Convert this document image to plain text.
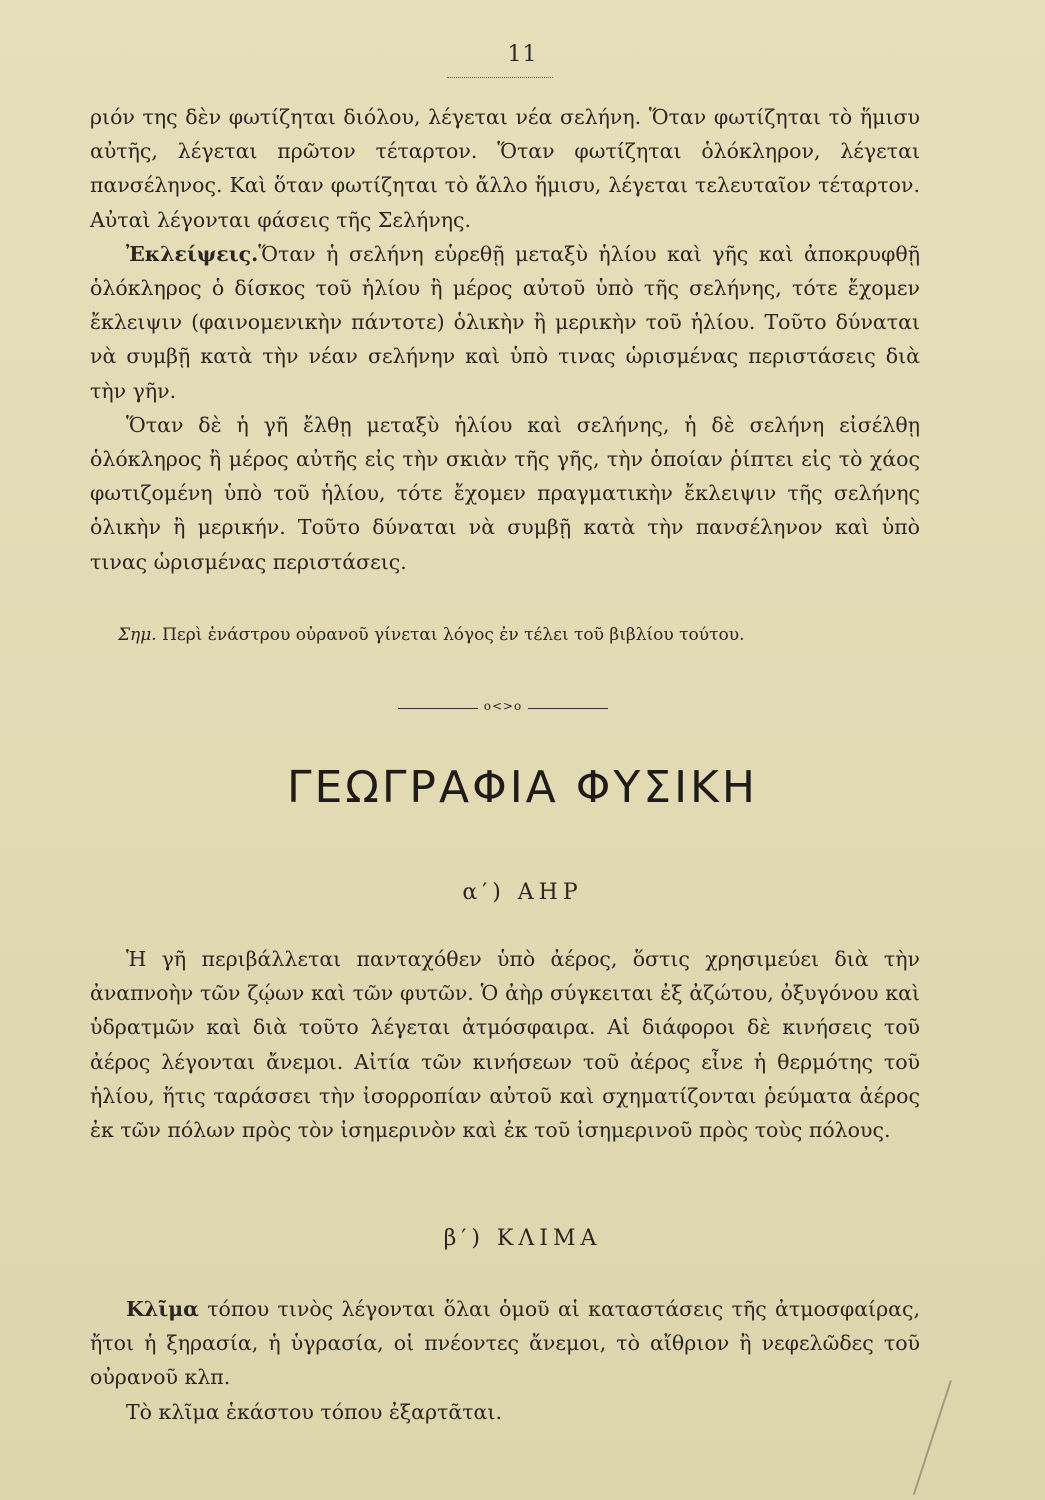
11

ριόν της δὲν φωτίζηται διόλου, λέγεται νέα σελήνη. Ὅταν φωτίζηται τὸ ἥμισυ αὐτῆς, λέγεται πρῶτον τέταρτον. Ὅταν φωτίζηται ὁλόκληρον, λέγεται πανσέληνος. Καὶ ὅταν φωτίζηται τὸ ἄλλο ἥμισυ, λέγεται τελευταῖον τέταρτον. Αὐταὶ λέγονται φάσεις τῆς Σελήνης.

Ἐκλείψεις.Ὅταν ἡ σελήνη εὑρεθῇ μεταξὺ ἡλίου καὶ γῆς καὶ ἀποκρυφθῇ ὁλόκληρος ὁ δίσκος τοῦ ἡλίου ἢ μέρος αὐτοῦ ὑπὸ τῆς σελήνης, τότε ἔχομεν ἔκλειψιν (φαινομενικὴν πάντοτε) ὁλικὴν ἢ μερικὴν τοῦ ἡλίου. Τοῦτο δύναται νὰ συμβῇ κατὰ τὴν νέαν σελήνην καὶ ὑπὸ τινας ὡρισμένας περιστάσεις διὰ τὴν γῆν.

Ὅταν δὲ ἡ γῆ ἔλθῃ μεταξὺ ἡλίου καὶ σελήνης, ἡ δὲ σελήνη εἰσέλθῃ ὁλόκληρος ἢ μέρος αὐτῆς εἰς τὴν σκιὰν τῆς γῆς, τὴν ὁποίαν ῥίπτει εἰς τὸ χάος φωτιζομένη ὑπὸ τοῦ ἡλίου, τότε ἔχομεν πραγματικὴν ἔκλειψιν τῆς σελήνης ὁλικὴν ἢ μερικήν. Τοῦτο δύναται νὰ συμβῇ κατὰ τὴν πανσέληνον καὶ ὑπὸ τινας ὡρισμένας περιστάσεις.

Σημ. Περὶ ἐνάστρου οὐρανοῦ γίνεται λόγος ἐν τέλει τοῦ βιβλίου τούτου.
o<>o
ΓΕΩΓΡΑΦΙΑ ΦΥΣΙΚΗ
α′) ΑΗΡ

Ἡ γῆ περιβάλλεται πανταχόθεν ὑπὸ ἀέρος, ὅστις χρησιμεύει διὰ τὴν ἀναπνοὴν τῶν ζῴων καὶ τῶν φυτῶν. Ὁ ἀὴρ σύγκειται ἐξ ἀζώτου, ὀξυγόνου καὶ ὑδρατμῶν καὶ διὰ τοῦτο λέγεται ἀτμόσφαιρα. Αἱ διάφοροι δὲ κινήσεις τοῦ ἀέρος λέγονται ἄνεμοι. Αἰτία τῶν κινήσεων τοῦ ἀέρος εἶνε ἡ θερμότης τοῦ ἡλίου, ἥτις ταράσσει τὴν ἰσορροπίαν αὐτοῦ καὶ σχηματίζονται ῥεύματα ἀέρος ἐκ τῶν πόλων πρὸς τὸν ἰσημερινὸν καὶ ἐκ τοῦ ἰσημερινοῦ πρὸς τοὺς πόλους.

β′) ΚΛΙΜΑ

Κλῖμα τόπου τινὸς λέγονται ὅλαι ὁμοῦ αἱ καταστάσεις τῆς ἀτμοσφαίρας, ἤτοι ἡ ξηρασία, ἡ ὑγρασία, οἱ πνέοντες ἄνεμοι, τὸ αἴθριον ἢ νεφελῶδες τοῦ οὐρανοῦ κλπ.

Τὸ κλῖμα ἑκάστου τόπου ἐξαρτᾶται.
